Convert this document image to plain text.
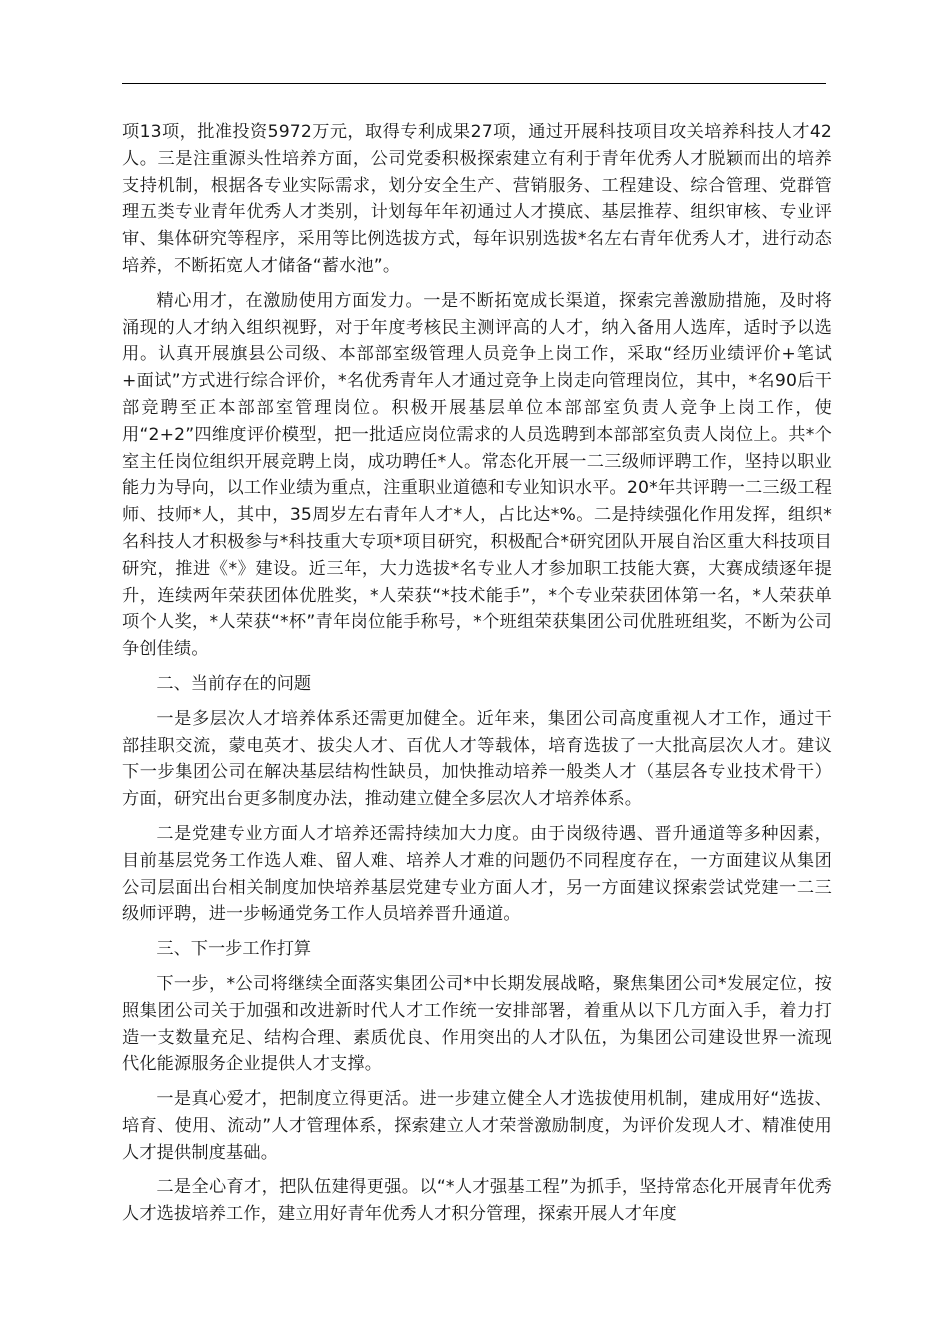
项13项，批准投资5972万元，取得专利成果27项，通过开展科技项目攻关培养科技人才42人。三是注重源头性培养方面，公司党委积极探索建立有利于青年优秀人才脱颖而出的培养支持机制，根据各专业实际需求，划分安全生产、营销服务、工程建设、综合管理、党群管理五类专业青年优秀人才类别，计划每年年初通过人才摸底、基层推荐、组织审核、专业评审、集体研究等程序，采用等比例选拔方式，每年识别选拔*名左右青年优秀人才，进行动态培养，不断拓宽人才储备“蓄水池”。

精心用才，在激励使用方面发力。一是不断拓宽成长渠道，探索完善激励措施，及时将涌现的人才纳入组织视野，对于年度考核民主测评高的人才，纳入备用人选库，适时予以选用。认真开展旗县公司级、本部部室级管理人员竞争上岗工作，采取“经历业绩评价+笔试+面试”方式进行综合评价，*名优秀青年人才通过竞争上岗走向管理岗位，其中，*名90后干部竞聘至正本部部室管理岗位。积极开展基层单位本部部室负责人竞争上岗工作，使用“2+2”四维度评价模型，把一批适应岗位需求的人员选聘到本部部室负责人岗位上。共*个室主任岗位组织开展竞聘上岗，成功聘任*人。常态化开展一二三级师评聘工作，坚持以职业能力为导向，以工作业绩为重点，注重职业道德和专业知识水平。20*年共评聘一二三级工程师、技师*人，其中，35周岁左右青年人才*人，占比达*%。二是持续强化作用发挥，组织*名科技人才积极参与*科技重大专项*项目研究，积极配合*研究团队开展自治区重大科技项目研究，推进《*》建设。近三年，大力选拔*名专业人才参加职工技能大赛，大赛成绩逐年提升，连续两年荣获团体优胜奖，*人荣获“*技术能手”，*个专业荣获团体第一名，*人荣获单项个人奖，*人荣获“*杯”青年岗位能手称号，*个班组荣获集团公司优胜班组奖，不断为公司争创佳绩。

二、当前存在的问题

一是多层次人才培养体系还需更加健全。近年来，集团公司高度重视人才工作，通过干部挂职交流，蒙电英才、拔尖人才、百优人才等载体，培育选拔了一大批高层次人才。建议下一步集团公司在解决基层结构性缺员，加快推动培养一般类人才（基层各专业技术骨干）方面，研究出台更多制度办法，推动建立健全多层次人才培养体系。

二是党建专业方面人才培养还需持续加大力度。由于岗级待遇、晋升通道等多种因素，目前基层党务工作选人难、留人难、培养人才难的问题仍不同程度存在，一方面建议从集团公司层面出台相关制度加快培养基层党建专业方面人才，另一方面建议探索尝试党建一二三级师评聘，进一步畅通党务工作人员培养晋升通道。

三、下一步工作打算

下一步，*公司将继续全面落实集团公司*中长期发展战略，聚焦集团公司*发展定位，按照集团公司关于加强和改进新时代人才工作统一安排部署，着重从以下几方面入手，着力打造一支数量充足、结构合理、素质优良、作用突出的人才队伍，为集团公司建设世界一流现代化能源服务企业提供人才支撑。

一是真心爱才，把制度立得更活。进一步建立健全人才选拔使用机制，建成用好“选拔、培育、使用、流动”人才管理体系，探索建立人才荣誉激励制度，为评价发现人才、精准使用人才提供制度基础。

二是全心育才，把队伍建得更强。以“*人才强基工程”为抓手，坚持常态化开展青年优秀人才选拔培养工作，建立用好青年优秀人才积分管理，探索开展人才年度
